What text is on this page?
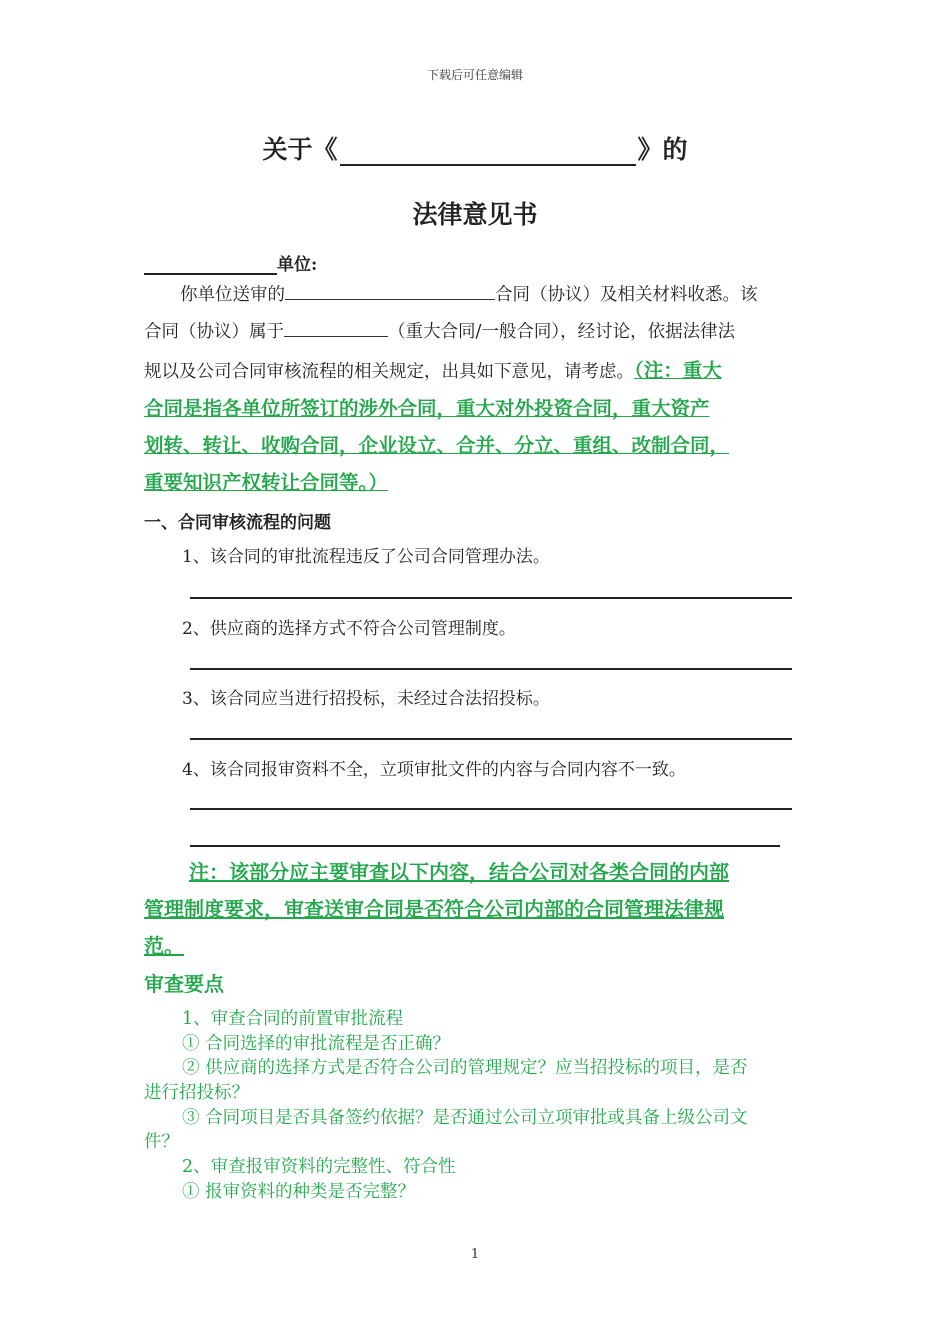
下载后可任意编辑
关于《	》的
法律意见书
单位:
你单位送审的	合同（协议）及相关材料收悉。该
合同（协议）属于	（重大合同/一般合同），经讨论，依据法律法
规以及公司合同审核流程的相关规定，出具如下意见，请考虑。（注：重大
合同是指各单位所签订的涉外合同，重大对外投资合同，重大资产
划转、转让、收购合同，企业设立、合并、分立、重组、改制合同，
重要知识产权转让合同等。）
一、合同审核流程的问题
1、该合同的审批流程违反了公司合同管理办法。
2、供应商的选择方式不符合公司管理制度。
3、该合同应当进行招投标，未经过合法招投标。
4、该合同报审资料不全，立项审批文件的内容与合同内容不一致。
注：该部分应主要审查以下内容，结合公司对各类合同的内部
管理制度要求，审查送审合同是否符合公司内部的合同管理法律规
范。
审查要点
1、审查合同的前置审批流程
① 合同选择的审批流程是否正确？
② 供应商的选择方式是否符合公司的管理规定？应当招投标的项目，是否
进行招投标？
③ 合同项目是否具备签约依据？是否通过公司立项审批或具备上级公司文
件？
2、审查报审资料的完整性、符合性
① 报审资料的种类是否完整？
1
